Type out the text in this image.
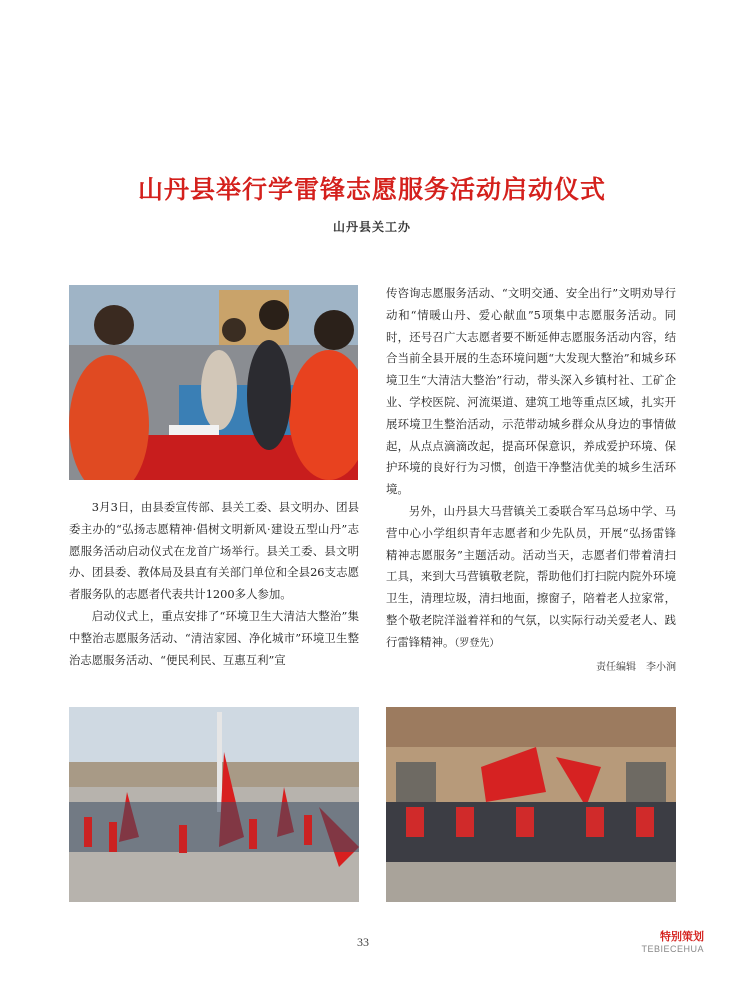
山丹县举行学雷锋志愿服务活动启动仪式
山丹县关工办

3月3日，由县委宣传部、县关工委、县文明办、团县委主办的“弘扬志愿精神·倡树文明新风·建设五型山丹”志愿服务活动启动仪式在龙首广场举行。县关工委、县文明办、团县委、教体局及县直有关部门单位和全县26支志愿者服务队的志愿者代表共计1200多人参加。

启动仪式上，重点安排了“环境卫生大清洁大整治”集中整治志愿服务活动、“清洁家园、净化城市”环境卫生整治志愿服务活动、“便民利民、互惠互利”宣

传咨询志愿服务活动、“文明交通、安全出行”文明劝导行动和“情暖山丹、爱心献血”5项集中志愿服务活动。同时，还号召广大志愿者要不断延伸志愿服务活动内容，结合当前全县开展的生态环境问题“大发现大整治”和城乡环境卫生“大清洁大整治”行动，带头深入乡镇村社、工矿企业、学校医院、河流渠道、建筑工地等重点区域，扎实开展环境卫生整治活动，示范带动城乡群众从身边的事情做起，从点点滴滴改起，提高环保意识，养成爱护环境、保护环境的良好行为习惯，创造干净整洁优美的城乡生活环境。

另外，山丹县大马营镇关工委联合军马总场中学、马营中心小学组织青年志愿者和少先队员，开展“弘扬雷锋精神志愿服务”主题活动。活动当天，志愿者们带着清扫工具，来到大马营镇敬老院，帮助他们打扫院内院外环境卫生，清理垃圾，清扫地面，擦窗子，陪着老人拉家常，整个敬老院洋溢着祥和的气氛，以实际行动关爱老人、践行雷锋精神。（罗登先）

责任编辑　李小涧
33	特别策划
TEBIECEHUA
